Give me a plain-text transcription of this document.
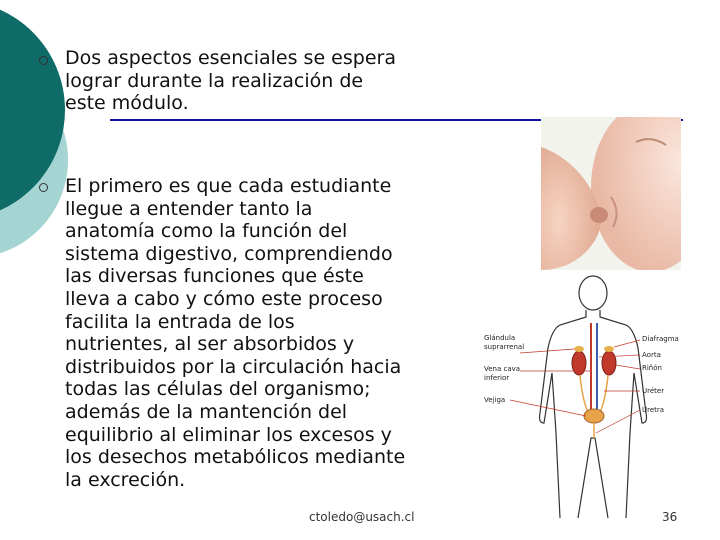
Dos aspectos esenciales se espera
lograr durante la realización de
este módulo.

El primero es que cada estudiante
llegue a entender tanto la
anatomía como la función del
sistema digestivo, comprendiendo
las diversas funciones que éste
lleva a cabo y cómo este proceso
facilita la entrada de los
nutrientes, al ser absorbidos y
distribuidos por la circulación hacia
todas las células del organismo;
además de la mantención del
equilibrio al eliminar los excesos y
los desechos metabólicos mediante
la excreción.

Glándula
suprarrenal
Vena cava
inferior
Vejiga
Diafragma
Aorta
Riñón
Uréter
Uretra
ctoledo@usach.cl	36
